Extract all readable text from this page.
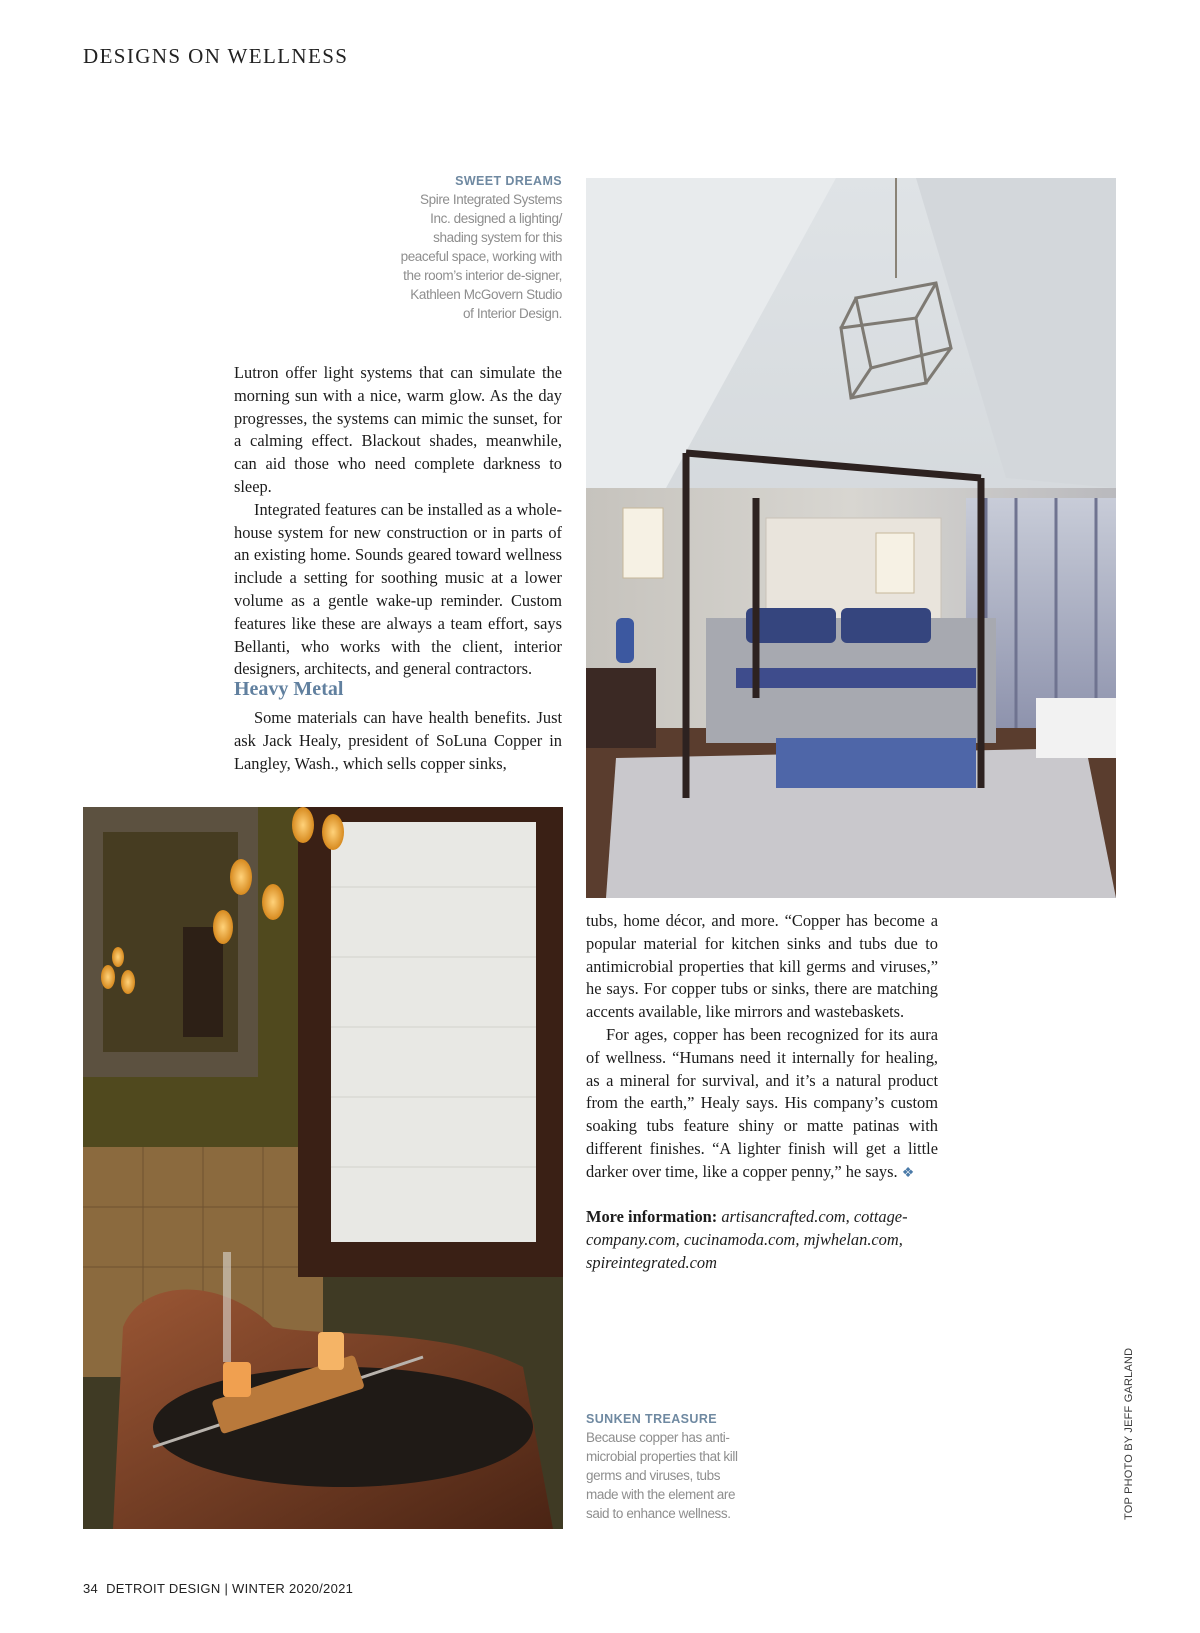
DESIGNS ON WELLNESS
SWEET DREAMS
Spire Integrated Systems Inc. designed a lighting/ shading system for this peaceful space, working with the room’s interior de-signer, Kathleen McGovern Studio of Interior Design.

Lutron offer light systems that can simulate the morning sun with a nice, warm glow. As the day progresses, the systems can mimic the sunset, for a calming effect. Blackout shades, meanwhile, can aid those who need complete darkness to sleep.

Integrated features can be installed as a whole-house system for new construction or in parts of an existing home. Sounds geared toward wellness include a setting for soothing music at a lower volume as a gentle wake-up reminder. Custom features like these are always a team effort, says Bellanti, who works with the client, interior designers, architects, and general contractors.

Heavy Metal

Some materials can have health benefits. Just ask Jack Healy, president of SoLuna Copper in Langley, Wash., which sells copper sinks,

tubs, home décor, and more. “Copper has become a popular material for kitchen sinks and tubs due to antimicrobial properties that kill germs and viruses,” he says. For copper tubs or sinks, there are matching accents available, like mirrors and wastebaskets.

For ages, copper has been recognized for its aura of wellness. “Humans need it internally for healing, as a mineral for survival, and it’s a natural product from the earth,” Healy says. His company’s custom soaking tubs feature shiny or matte patinas with different finishes. “A lighter finish will get a little darker over time, like a copper penny,” he says. ❖

More information: artisancrafted.com, cottage-company.com, cucinamoda.com, mjwhelan.com, spireintegrated.com
SUNKEN TREASURE
Because copper has anti-microbial properties that kill germs and viruses, tubs made with the element are said to enhance wellness.	TOP PHOTO BY JEFF GARLAND
34 DETROIT DESIGN | WINTER 2020/2021
